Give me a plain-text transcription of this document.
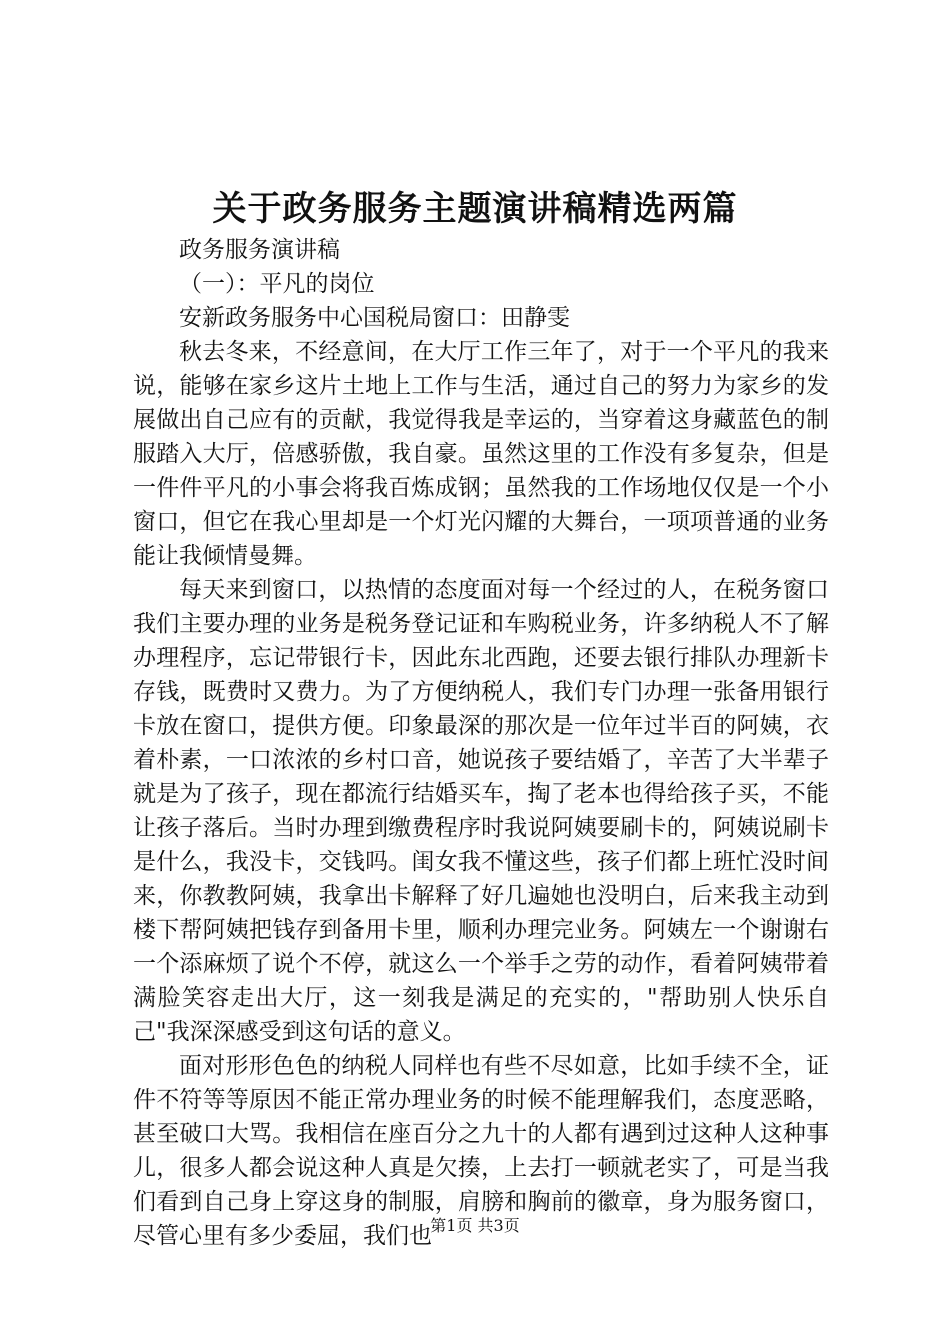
关于政务服务主题演讲稿精选两篇

政务服务演讲稿

（一）：平凡的岗位

安新政务服务中心国税局窗口：田静雯

秋去冬来，不经意间，在大厅工作三年了，对于一个平凡的我来说，能够在家乡这片土地上工作与生活，通过自己的努力为家乡的发展做出自己应有的贡献，我觉得我是幸运的，当穿着这身藏蓝色的制服踏入大厅，倍感骄傲，我自豪。虽然这里的工作没有多复杂，但是一件件平凡的小事会将我百炼成钢；虽然我的工作场地仅仅是一个小窗口，但它在我心里却是一个灯光闪耀的大舞台，一项项普通的业务能让我倾情曼舞。

每天来到窗口，以热情的态度面对每一个经过的人，在税务窗口我们主要办理的业务是税务登记证和车购税业务，许多纳税人不了解办理程序，忘记带银行卡，因此东北西跑，还要去银行排队办理新卡存钱，既费时又费力。为了方便纳税人，我们专门办理一张备用银行卡放在窗口，提供方便。印象最深的那次是一位年过半百的阿姨，衣着朴素，一口浓浓的乡村口音，她说孩子要结婚了，辛苦了大半辈子就是为了孩子，现在都流行结婚买车，掏了老本也得给孩子买，不能让孩子落后。当时办理到缴费程序时我说阿姨要刷卡的，阿姨说刷卡是什么，我没卡，交钱吗。闺女我不懂这些，孩子们都上班忙没时间来，你教教阿姨，我拿出卡解释了好几遍她也没明白，后来我主动到楼下帮阿姨把钱存到备用卡里，顺利办理完业务。阿姨左一个谢谢右一个添麻烦了说个不停，就这么一个举手之劳的动作，看着阿姨带着满脸笑容走出大厅，这一刻我是满足的充实的，"帮助别人快乐自己"我深深感受到这句话的意义。

面对形形色色的纳税人同样也有些不尽如意，比如手续不全，证件不符等等原因不能正常办理业务的时候不能理解我们，态度恶略，甚至破口大骂。我相信在座百分之九十的人都有遇到过这种人这种事儿，很多人都会说这种人真是欠揍，上去打一顿就老实了，可是当我们看到自己身上穿这身的制服，肩膀和胸前的徽章，身为服务窗口，尽管心里有多少委屈，我们也

第1页 共3页
